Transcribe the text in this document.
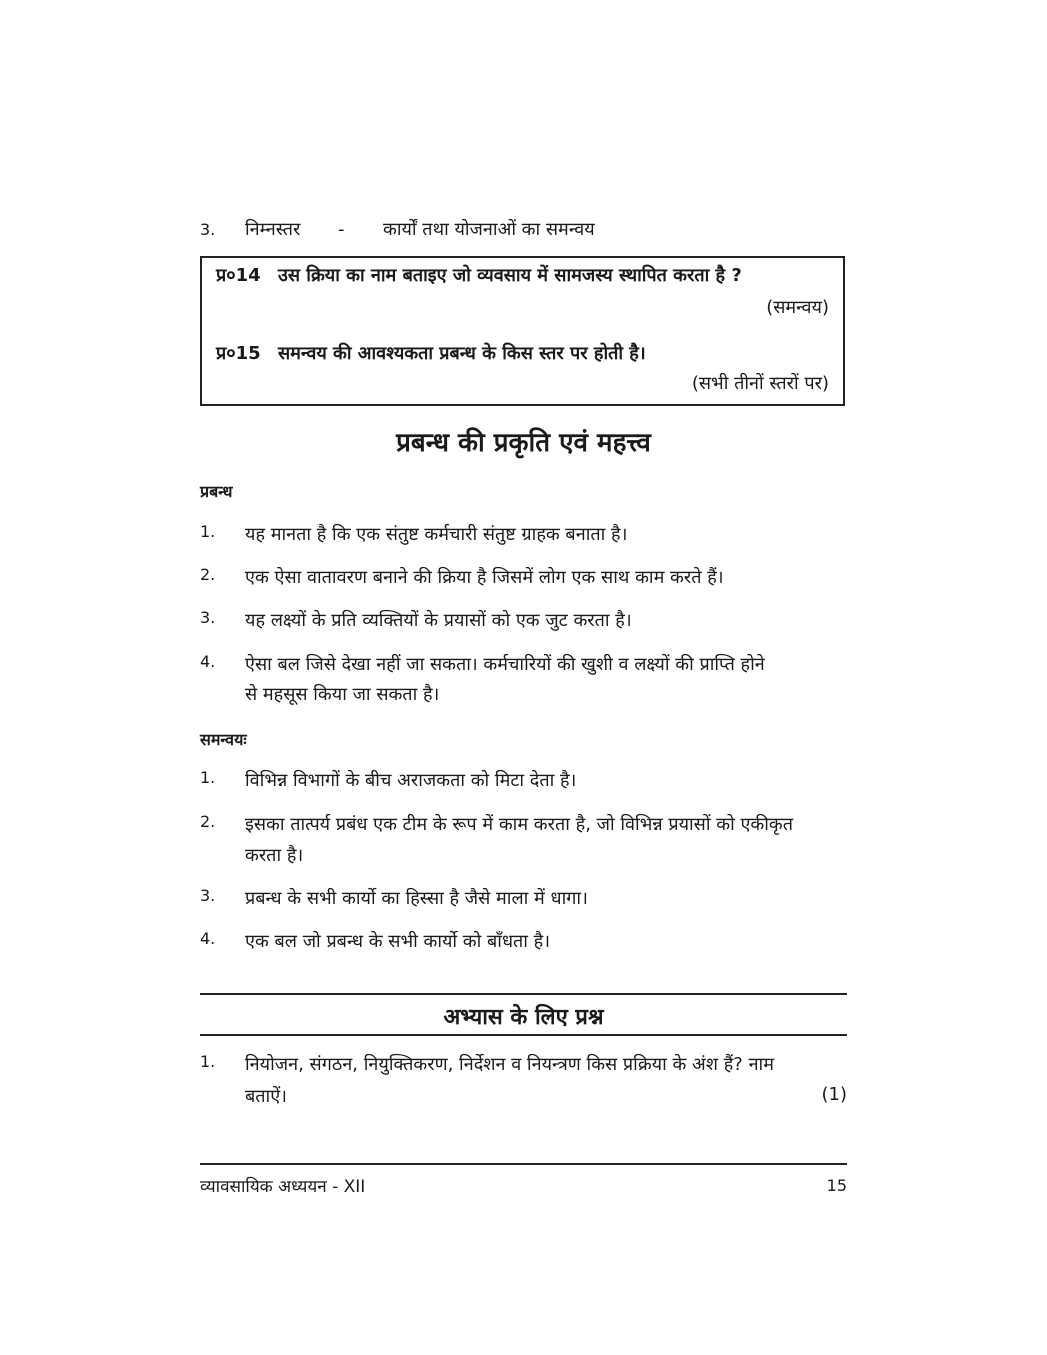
3. निम्नस्तर - कार्यों तथा योजनाओं का समन्वय
प्र०14 उस क्रिया का नाम बताइए जो व्यवसाय में सामजस्य स्थापित करता है ?
(समन्वय)
प्र०15 समन्वय की आवश्यकता प्रबन्ध के किस स्तर पर होती है।
(सभी तीनों स्तरों पर)
प्रबन्ध की प्रकृति एवं महत्त्व
प्रबन्ध
1. यह मानता है कि एक संतुष्ट कर्मचारी संतुष्ट ग्राहक बनाता है।
2. एक ऐसा वातावरण बनाने की क्रिया है जिसमें लोग एक साथ काम करते हैं।
3. यह लक्ष्यों के प्रति व्यक्तियों के प्रयासों को एक जुट करता है।
4. ऐसा बल जिसे देखा नहीं जा सकता। कर्मचारियों की खुशी व लक्ष्यों की प्राप्ति होने
से महसूस किया जा सकता है।
समन्वयः
1. विभिन्न विभागों के बीच अराजकता को मिटा देता है।
2. इसका तात्पर्य प्रबंध एक टीम के रूप में काम करता है, जो विभिन्न प्रयासों को एकीकृत
करता है।
3. प्रबन्ध के सभी कार्यो का हिस्सा है जैसे माला में धागा।
4. एक बल जो प्रबन्ध के सभी कार्यो को बाँधता है।
अभ्यास के लिए प्रश्न
1. नियोजन, संगठन, नियुक्तिकरण, निर्देशन व नियन्त्रण किस प्रक्रिया के अंश हैं? नाम
बताऐं।	(1)
व्यावसायिक अध्ययन - XII	15
